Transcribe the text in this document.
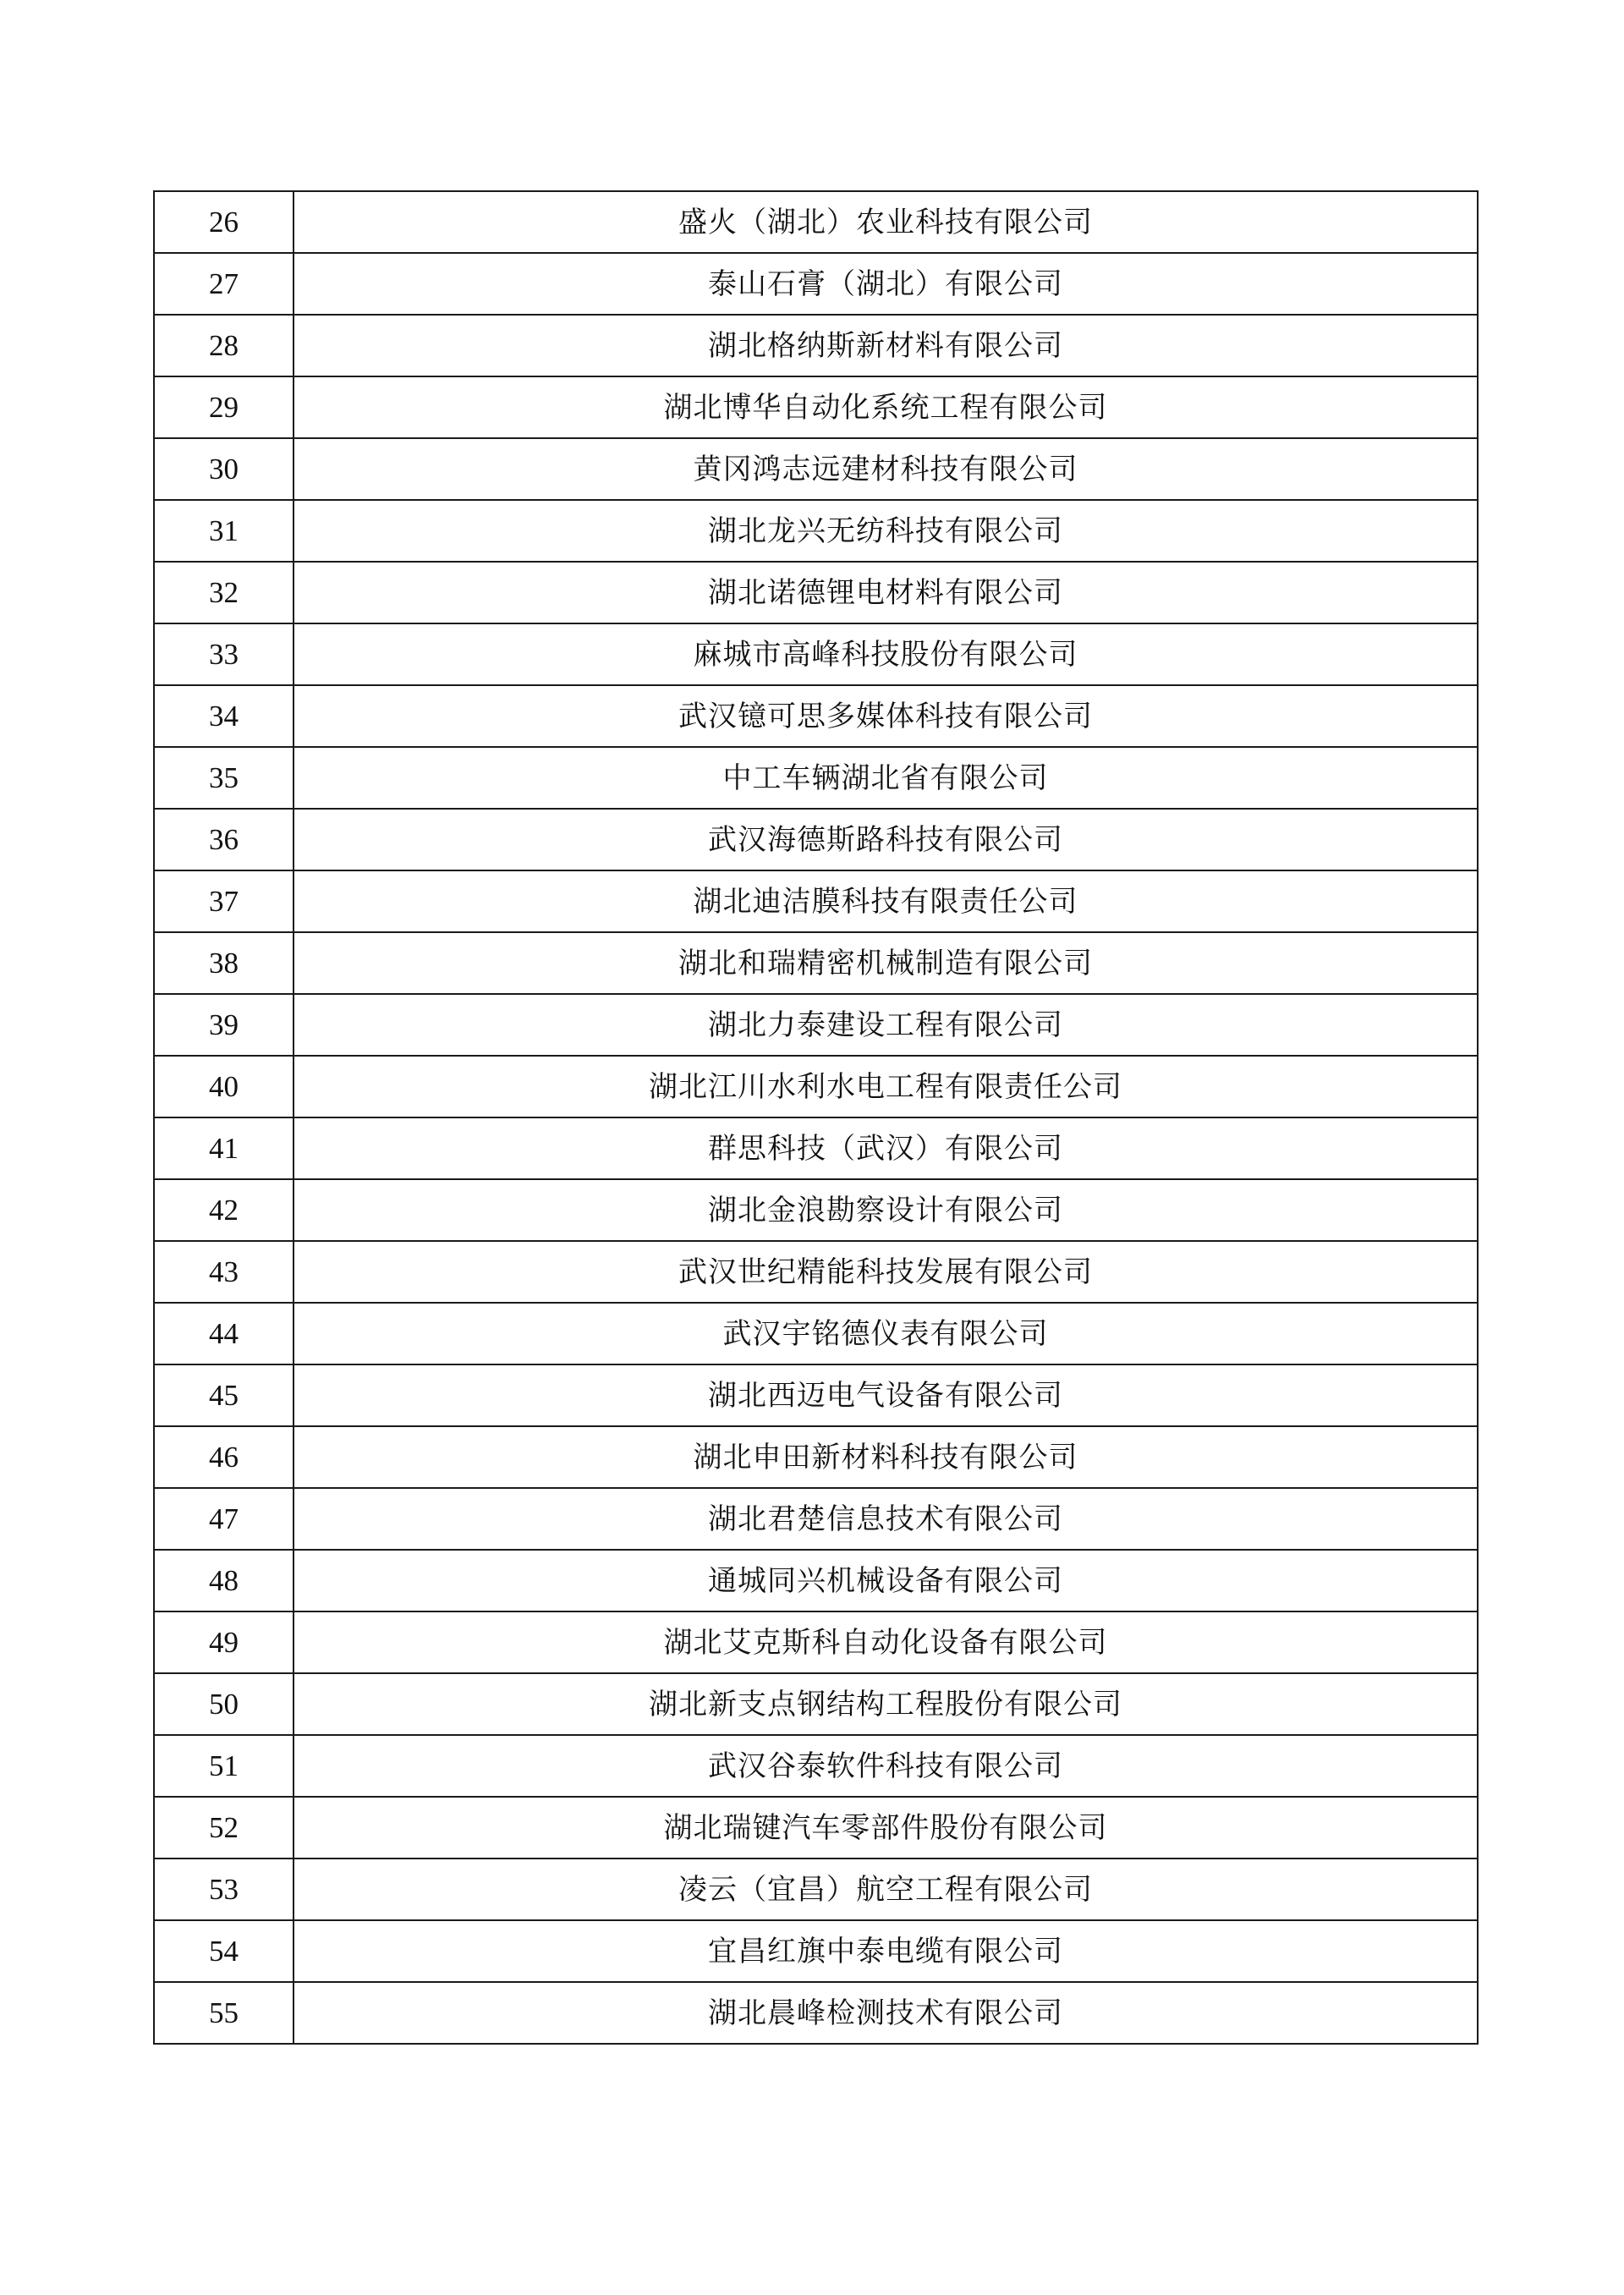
26	盛火（湖北）农业科技有限公司
27	泰山石膏（湖北）有限公司
28	湖北格纳斯新材料有限公司
29	湖北博华自动化系统工程有限公司
30	黄冈鸿志远建材科技有限公司
31	湖北龙兴无纺科技有限公司
32	湖北诺德锂电材料有限公司
33	麻城市高峰科技股份有限公司
34	武汉镱可思多媒体科技有限公司
35	中工车辆湖北省有限公司
36	武汉海德斯路科技有限公司
37	湖北迪洁膜科技有限责任公司
38	湖北和瑞精密机械制造有限公司
39	湖北力泰建设工程有限公司
40	湖北江川水利水电工程有限责任公司
41	群思科技（武汉）有限公司
42	湖北金浪勘察设计有限公司
43	武汉世纪精能科技发展有限公司
44	武汉宇铭德仪表有限公司
45	湖北西迈电气设备有限公司
46	湖北申田新材料科技有限公司
47	湖北君楚信息技术有限公司
48	通城同兴机械设备有限公司
49	湖北艾克斯科自动化设备有限公司
50	湖北新支点钢结构工程股份有限公司
51	武汉谷泰软件科技有限公司
52	湖北瑞键汽车零部件股份有限公司
53	凌云（宜昌）航空工程有限公司
54	宜昌红旗中泰电缆有限公司
55	湖北晨峰检测技术有限公司
